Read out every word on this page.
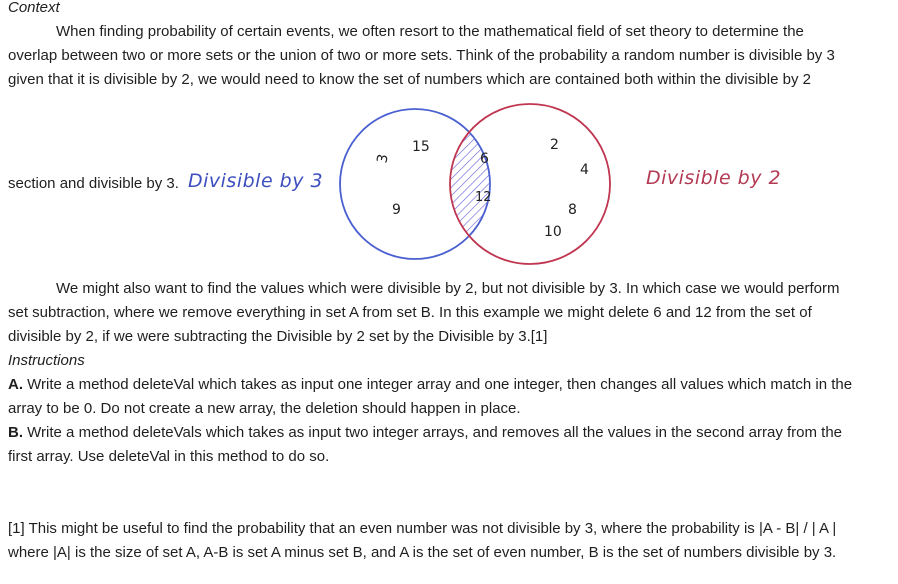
Context
When finding probability of certain events, we often resort to the mathematical field of set theory to determine the
overlap between two or more sets or the union of two or more sets. Think of the probability a random number is divisible by 3
given that it is divisible by 2, we would need to know the set of numbers which are contained both within the divisible by 2
section and divisible by 3. Divisible by 3	Divisible by 2
3
15
9
6
12
2
4
8
10
We might also want to find the values which were divisible by 2, but not divisible by 3. In which case we would perform
set subtraction, where we remove everything in set A from set B. In this example we might delete 6 and 12 from the set of
divisible by 2, if we were subtracting the Divisible by 2 set by the Divisible by 3.[1]
Instructions
A. Write a method deleteVal which takes as input one integer array and one integer, then changes all values which match in the
array to be 0. Do not create a new array, the deletion should happen in place.
B. Write a method deleteVals which takes as input two integer arrays, and removes all the values in the second array from the
first array. Use deleteVal in this method to do so.
[1] This might be useful to find the probability that an even number was not divisible by 3, where the probability is |A - B| / | A |
where |A| is the size of set A, A-B is set A minus set B, and A is the set of even number, B is the set of numbers divisible by 3.
